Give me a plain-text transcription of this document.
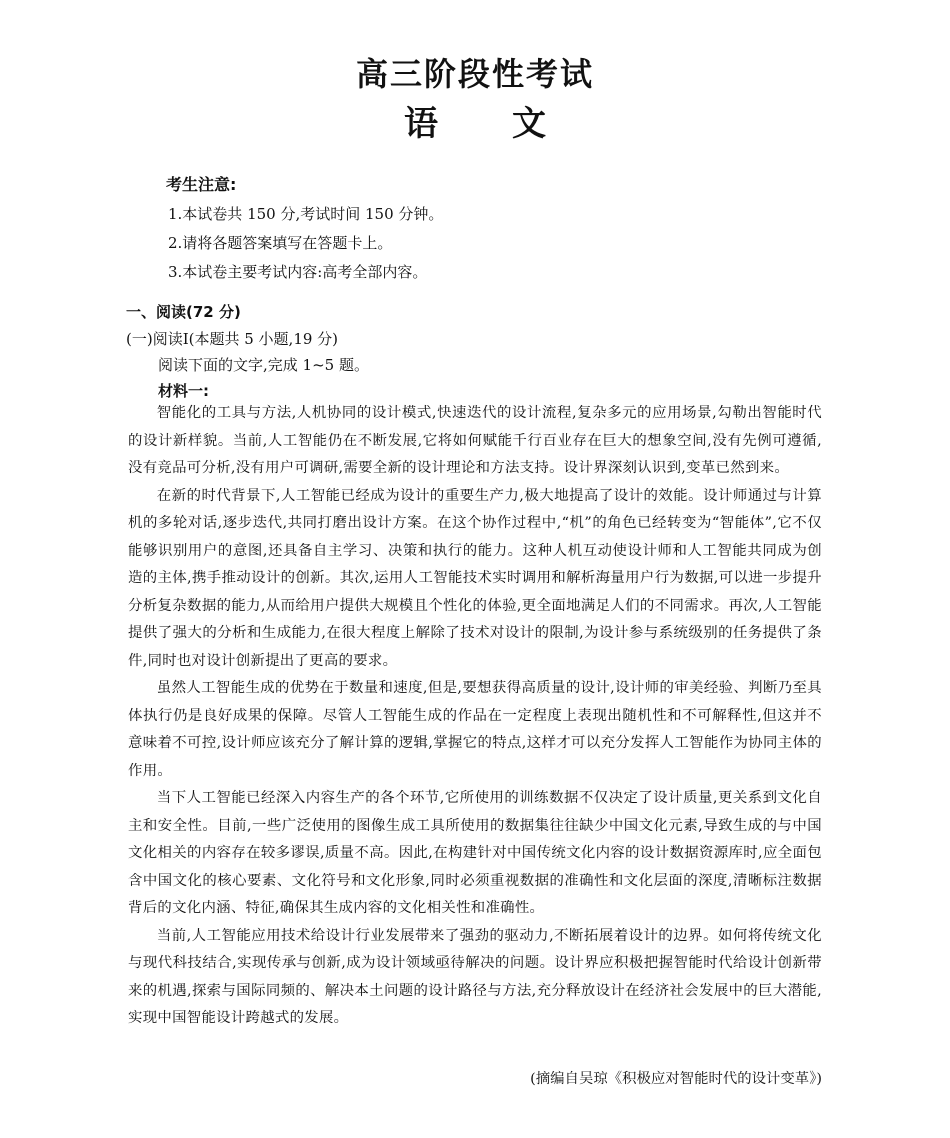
高三阶段性考试
语文

考生注意:

1.本试卷共 150 分,考试时间 150 分钟。

2.请将各题答案填写在答题卡上。

3.本试卷主要考试内容:高考全部内容。

一、阅读(72 分)

(一)阅读Ⅰ(本题共 5 小题,19 分)

阅读下面的文字,完成 1~5 题。

材料一:

智能化的工具与方法,人机协同的设计模式,快速迭代的设计流程,复杂多元的应用场景,勾勒出智能时代的设计新样貌。当前,人工智能仍在不断发展,它将如何赋能千行百业存在巨大的想象空间,没有先例可遵循,没有竞品可分析,没有用户可调研,需要全新的设计理论和方法支持。设计界深刻认识到,变革已然到来。

在新的时代背景下,人工智能已经成为设计的重要生产力,极大地提高了设计的效能。设计师通过与计算机的多轮对话,逐步迭代,共同打磨出设计方案。在这个协作过程中,“机”的角色已经转变为“智能体”,它不仅能够识别用户的意图,还具备自主学习、决策和执行的能力。这种人机互动使设计师和人工智能共同成为创造的主体,携手推动设计的创新。其次,运用人工智能技术实时调用和解析海量用户行为数据,可以进一步提升分析复杂数据的能力,从而给用户提供大规模且个性化的体验,更全面地满足人们的不同需求。再次,人工智能提供了强大的分析和生成能力,在很大程度上解除了技术对设计的限制,为设计参与系统级别的任务提供了条件,同时也对设计创新提出了更高的要求。

虽然人工智能生成的优势在于数量和速度,但是,要想获得高质量的设计,设计师的审美经验、判断乃至具体执行仍是良好成果的保障。尽管人工智能生成的作品在一定程度上表现出随机性和不可解释性,但这并不意味着不可控,设计师应该充分了解计算的逻辑,掌握它的特点,这样才可以充分发挥人工智能作为协同主体的作用。

当下人工智能已经深入内容生产的各个环节,它所使用的训练数据不仅决定了设计质量,更关系到文化自主和安全性。目前,一些广泛使用的图像生成工具所使用的数据集往往缺少中国文化元素,导致生成的与中国文化相关的内容存在较多谬误,质量不高。因此,在构建针对中国传统文化内容的设计数据资源库时,应全面包含中国文化的核心要素、文化符号和文化形象,同时必须重视数据的准确性和文化层面的深度,清晰标注数据背后的文化内涵、特征,确保其生成内容的文化相关性和准确性。

当前,人工智能应用技术给设计行业发展带来了强劲的驱动力,不断拓展着设计的边界。如何将传统文化与现代科技结合,实现传承与创新,成为设计领域亟待解决的问题。设计界应积极把握智能时代给设计创新带来的机遇,探索与国际同频的、解决本土问题的设计路径与方法,充分释放设计在经济社会发展中的巨大潜能,实现中国智能设计跨越式的发展。

(摘编自吴琼《积极应对智能时代的设计变革》)
